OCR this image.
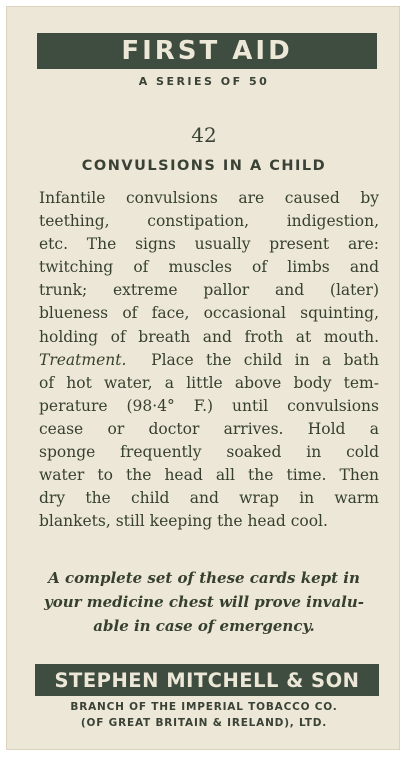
FIRST AID
A SERIES OF 50
42
CONVULSIONS IN A CHILD
Infantile convulsions are caused by
teething, constipation, indigestion,
etc. The signs usually present are:
twitching of muscles of limbs and
trunk; extreme pallor and (later)
blueness of face, occasional squinting,
holding of breath and froth at mouth.
Treatment. Place the child in a bath
of hot water, a little above body tem-
perature (98·4° F.) until convulsions
cease or doctor arrives. Hold a
sponge frequently soaked in cold
water to the head all the time. Then
dry the child and wrap in warm
blankets, still keeping the head cool.
A complete set of these cards kept in
your medicine chest will prove invalu-
able in case of emergency.
STEPHEN MITCHELL & SON
BRANCH OF THE IMPERIAL TOBACCO CO.
(OF GREAT BRITAIN & IRELAND), LTD.
